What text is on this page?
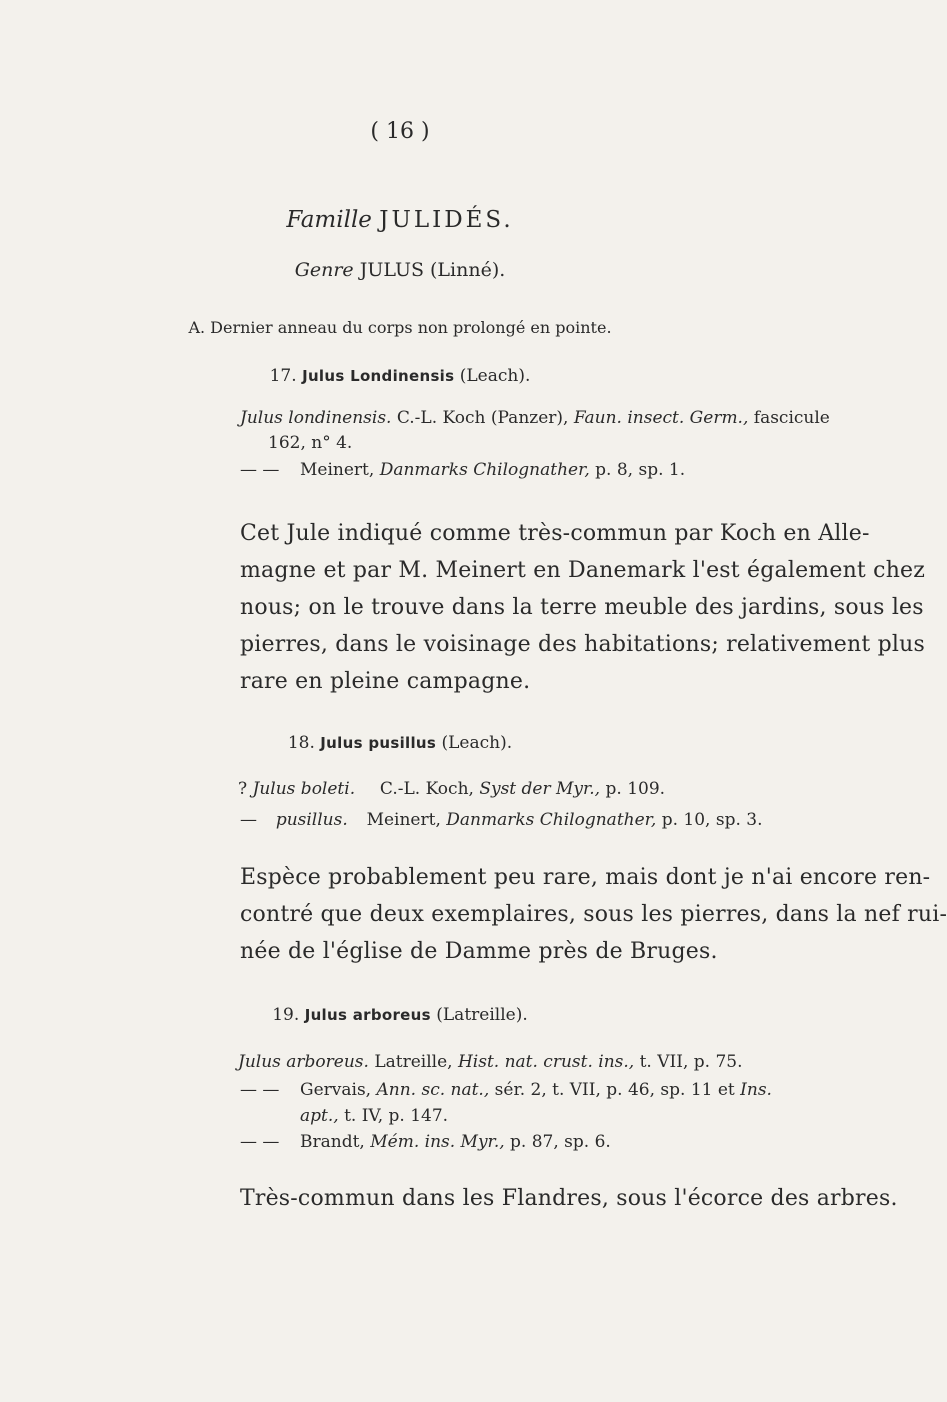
( 16 )
Famille JULIDÉS.
Genre JULUS (Linné).
A. Dernier anneau du corps non prolongé en pointe.
17. Julus Londinensis (Leach).
Julus londinensis. C.-L. Koch (Panzer), Faun. insect. Germ., fascicule
162, n° 4.
— — Meinert, Danmarks Chilognather, p. 8, sp. 1.
Cet Jule indiqué comme très-commun par Koch en Alle-
magne et par M. Meinert en Danemark l'est également chez
nous; on le trouve dans la terre meuble des jardins, sous les
pierres, dans le voisinage des habitations; relativement plus
rare en pleine campagne.
18. Julus pusillus (Leach).
? Julus boleti. C.-L. Koch, Syst der Myr., p. 109.
— pusillus. Meinert, Danmarks Chilognather, p. 10, sp. 3.
Espèce probablement peu rare, mais dont je n'ai encore ren-
contré que deux exemplaires, sous les pierres, dans la nef rui-
née de l'église de Damme près de Bruges.
19. Julus arboreus (Latreille).
Julus arboreus. Latreille, Hist. nat. crust. ins., t. VII, p. 75.
— — Gervais, Ann. sc. nat., sér. 2, t. VII, p. 46, sp. 11 et Ins.
apt., t. IV, p. 147.
— — Brandt, Mém. ins. Myr., p. 87, sp. 6.
Très-commun dans les Flandres, sous l'écorce des arbres.
